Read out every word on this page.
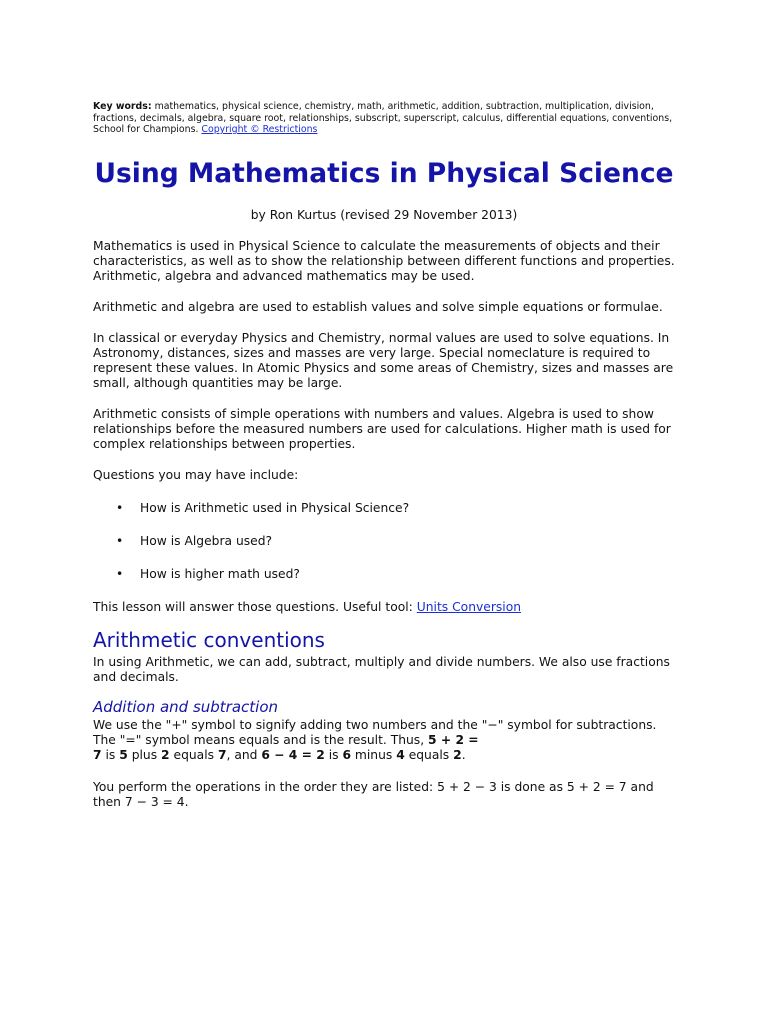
Key words: mathematics, physical science, chemistry, math, arithmetic, addition, subtraction, multiplication, division, fractions, decimals, algebra, square root, relationships, subscript, superscript, calculus, differential equations, conventions, School for Champions. Copyright © Restrictions

Using Mathematics in Physical Science

by Ron Kurtus (revised 29 November 2013)

Mathematics is used in Physical Science to calculate the measurements of objects and their characteristics, as well as to show the relationship between different functions and properties. Arithmetic, algebra and advanced mathematics may be used.

Arithmetic and algebra are used to establish values and solve simple equations or formulae.

In classical or everyday Physics and Chemistry, normal values are used to solve equations. In Astronomy, distances, sizes and masses are very large. Special nomeclature is required to represent these values. In Atomic Physics and some areas of Chemistry, sizes and masses are small, although quantities may be large.

Arithmetic consists of simple operations with numbers and values. Algebra is used to show relationships before the measured numbers are used for calculations. Higher math is used for complex relationships between properties.

Questions you may have include:

• How is Arithmetic used in Physical Science?
• How is Algebra used?
• How is higher math used?

This lesson will answer those questions. Useful tool: Units Conversion

Arithmetic conventions

In using Arithmetic, we can add, subtract, multiply and divide numbers. We also use fractions and decimals.

Addition and subtraction

We use the "+" symbol to signify adding two numbers and the "−" symbol for subtractions. The "=" symbol means equals and is the result. Thus, 5 + 2 =
7 is 5 plus 2 equals 7, and 6 − 4 = 2 is 6 minus 4 equals 2.

You perform the operations in the order they are listed: 5 + 2 − 3 is done as 5 + 2 = 7 and then 7 − 3 = 4.
